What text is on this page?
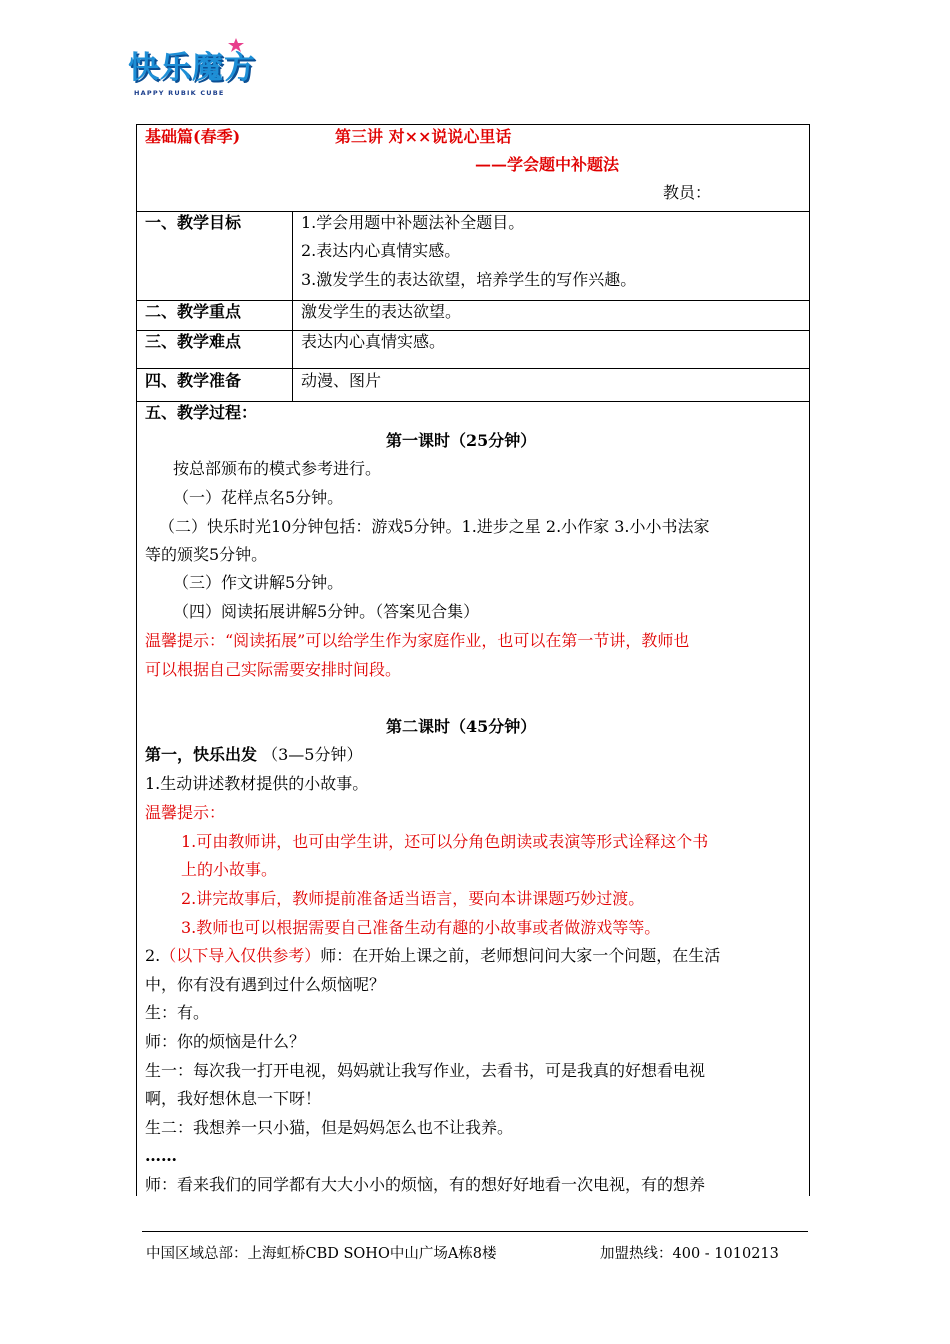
快乐魔方
HAPPY RUBIK CUBE
基础篇(春季)	第三讲 对××说说心里话
——学会题中补题法
教员：
一、教学目标	1.学会用题中补题法补全题目。
2.表达内心真情实感。
3.激发学生的表达欲望，培养学生的写作兴趣。
二、教学重点	激发学生的表达欲望。
三、教学难点	表达内心真情实感。
四、教学准备	动漫、图片
五、教学过程：
第一课时（25分钟）
按总部颁布的模式参考进行。
（一）花样点名5分钟。
（二）快乐时光10分钟包括：游戏5分钟。1.进步之星 2.小作家 3.小小书法家
等的颁奖5分钟。
（三）作文讲解5分钟。
（四）阅读拓展讲解5分钟。（答案见合集）
温馨提示：“阅读拓展”可以给学生作为家庭作业，也可以在第一节讲，教师也
可以根据自己实际需要安排时间段。
第二课时（45分钟）
第一，快乐出发 （3—5分钟）
1.生动讲述教材提供的小故事。
温馨提示：
1.可由教师讲，也可由学生讲，还可以分角色朗读或表演等形式诠释这个书
上的小故事。
2.讲完故事后，教师提前准备适当语言，要向本讲课题巧妙过渡。
3.教师也可以根据需要自己准备生动有趣的小故事或者做游戏等等。
2.（以下导入仅供参考）师：在开始上课之前，老师想问问大家一个问题，在生活
中，你有没有遇到过什么烦恼呢？
生：有。
师：你的烦恼是什么？
生一：每次我一打开电视，妈妈就让我写作业，去看书，可是我真的好想看电视
啊，我好想休息一下呀！
生二：我想养一只小猫，但是妈妈怎么也不让我养。
……
师：看来我们的同学都有大大小小的烦恼，有的想好好地看一次电视，有的想养
中国区域总部：上海虹桥CBD SOHO中山广场A栋8楼	加盟热线：400 - 1010213
